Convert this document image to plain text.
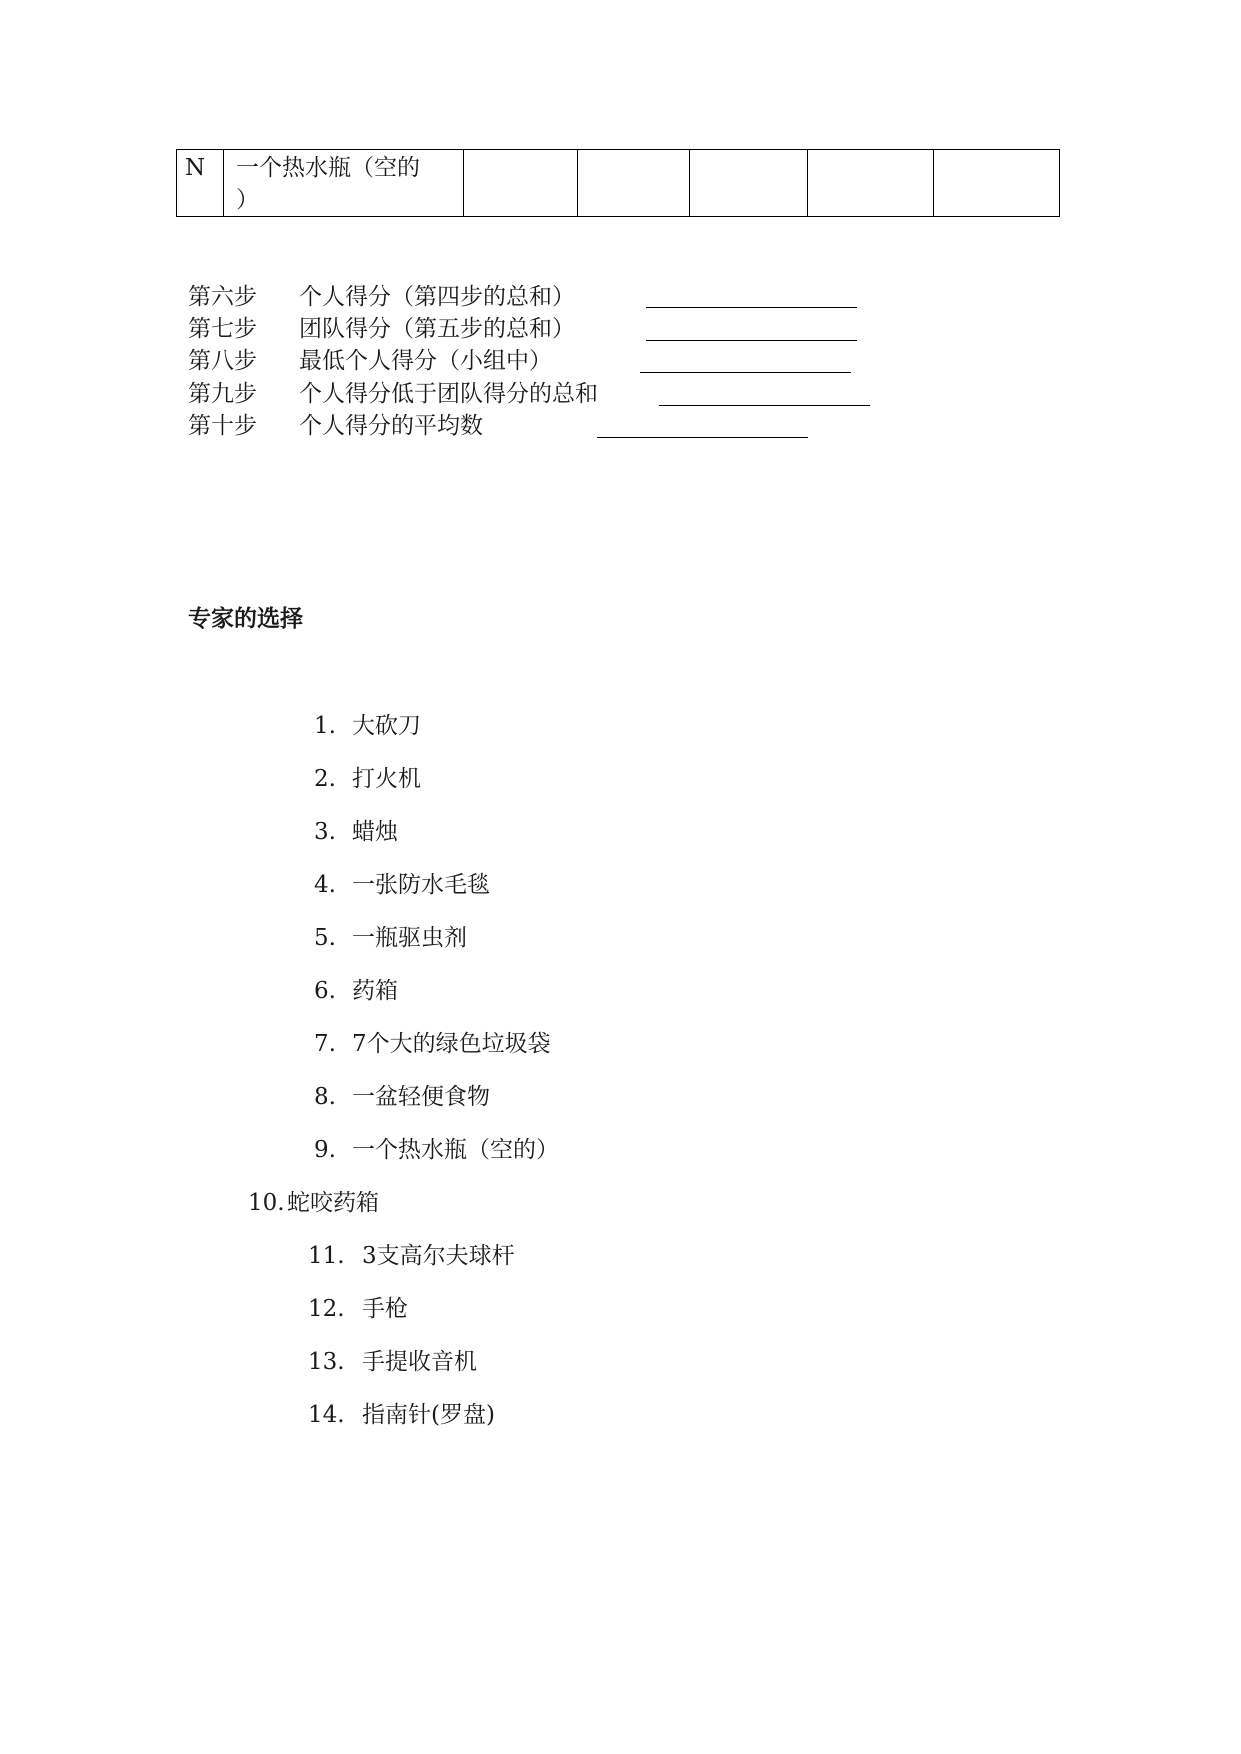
N	一个热水瓶（空的
）

第六步 个人得分（第四步的总和）
第七步 团队得分（第五步的总和）
第八步 最低个人得分（小组中）
第九步 个人得分低于团队得分的总和
第十步 个人得分的平均数
专家的选择
1. 大砍刀
2. 打火机
3. 蜡烛
4. 一张防水毛毯
5. 一瓶驱虫剂
6. 药箱
7. 7个大的绿色垃圾袋
8. 一盆轻便食物
9. 一个热水瓶（空的）
10. 蛇咬药箱
11. 3支高尔夫球杆
12. 手枪
13. 手提收音机
14. 指南针(罗盘)
